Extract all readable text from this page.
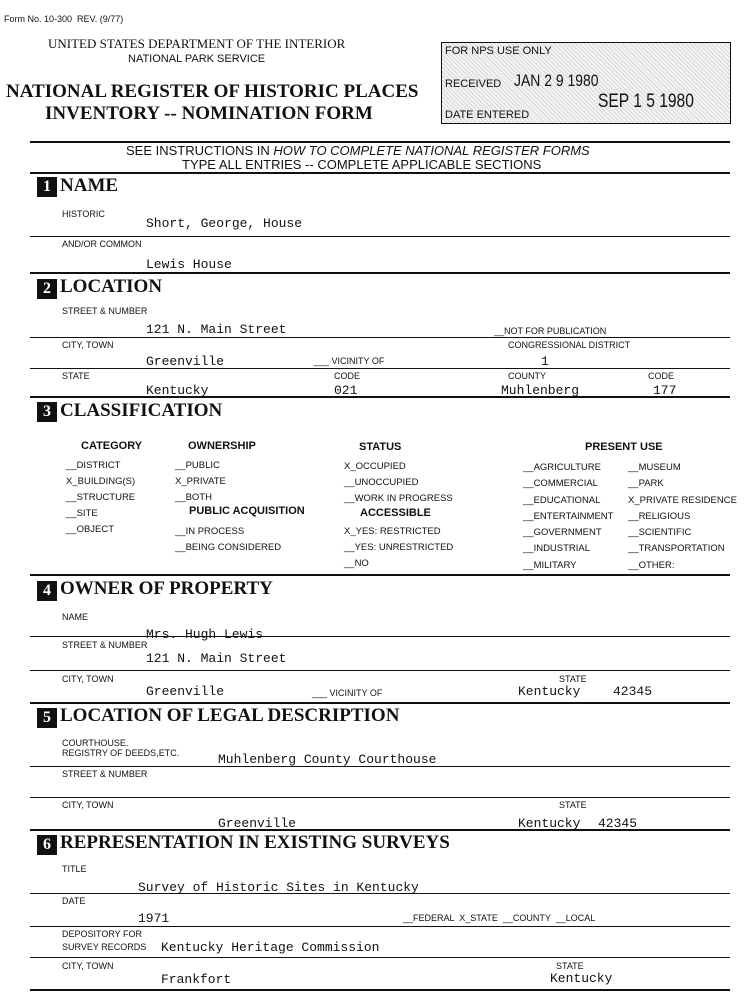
Form No. 10-300 REV. (9/77)
UNITED STATES DEPARTMENT OF THE INTERIOR
NATIONAL PARK SERVICE
NATIONAL REGISTER OF HISTORIC PLACES
INVENTORY -- NOMINATION FORM
FOR NPS USE ONLY
RECEIVED JAN 2 9 1980
SEP 1 5 1980
DATE ENTERED
SEE INSTRUCTIONS IN HOW TO COMPLETE NATIONAL REGISTER FORMS
TYPE ALL ENTRIES -- COMPLETE APPLICABLE SECTIONS
1 NAME
HISTORIC
Short, George, House
AND/OR COMMON
Lewis House
2 LOCATION
STREET & NUMBER
121 N. Main Street	__NOT FOR PUBLICATION
CITY, TOWN	CONGRESSIONAL DISTRICT
Greenville	___ VICINITY OF	1
STATE	CODE	COUNTY	CODE
Kentucky	021	Muhlenberg	177
3 CLASSIFICATION
CATEGORY
__DISTRICT
X_BUILDING(S)
__STRUCTURE
__SITE
__OBJECT
OWNERSHIP
__PUBLIC
X_PRIVATE
__BOTH
PUBLIC ACQUISITION
__IN PROCESS
__BEING CONSIDERED
STATUS
X_OCCUPIED
__UNOCCUPIED
__WORK IN PROGRESS
ACCESSIBLE
X_YES: RESTRICTED
__YES: UNRESTRICTED
__NO
PRESENT USE
__AGRICULTURE
__COMMERCIAL
__EDUCATIONAL
__ENTERTAINMENT
__GOVERNMENT
__INDUSTRIAL
__MILITARY
__MUSEUM
__PARK
X_PRIVATE RESIDENCE
__RELIGIOUS
__SCIENTIFIC
__TRANSPORTATION
__OTHER:
4 OWNER OF PROPERTY
NAME
Mrs. Hugh Lewis
STREET & NUMBER
121 N. Main Street
CITY, TOWN	STATE
Greenville	___ VICINITY OF	Kentucky	42345
5 LOCATION OF LEGAL DESCRIPTION
COURTHOUSE.
REGISTRY OF DEEDS,ETC.	Muhlenberg County Courthouse
STREET & NUMBER
CITY, TOWN	STATE
Greenville	Kentucky 42345
6 REPRESENTATION IN EXISTING SURVEYS
TITLE
Survey of Historic Sites in Kentucky
DATE
1971	__FEDERAL  X_STATE  __COUNTY  __LOCAL
DEPOSITORY FOR
SURVEY RECORDS Kentucky Heritage Commission
CITY, TOWN	STATE
Frankfort	Kentucky
